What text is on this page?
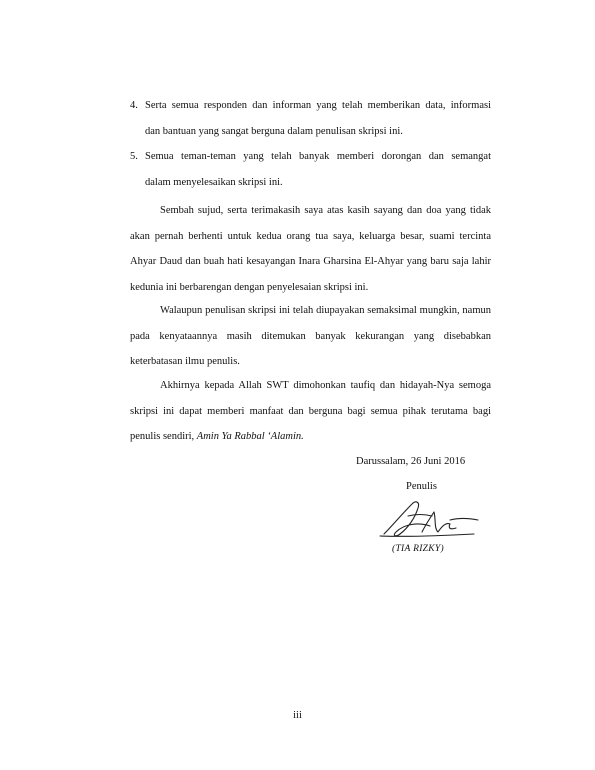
4. Serta semua responden dan informan yang telah memberikan data, informasi
dan bantuan yang sangat berguna dalam penulisan skripsi ini.
5. Semua teman-teman yang telah banyak memberi dorongan dan semangat
dalam menyelesaikan skripsi ini.
Sembah sujud, serta terimakasih saya atas kasih sayang dan doa yang tidak akan pernah berhenti untuk kedua orang tua saya, keluarga besar, suami tercinta Ahyar Daud dan buah hati kesayangan Inara Gharsina El-Ahyar yang baru saja lahir kedunia ini berbarengan dengan penyelesaian skripsi ini.
Walaupun penulisan skripsi ini telah diupayakan semaksimal mungkin, namun pada kenyataannya masih ditemukan banyak kekurangan yang disebabkan keterbatasan ilmu penulis.
Akhirnya kepada Allah SWT dimohonkan taufiq dan hidayah-Nya semoga skripsi ini dapat memberi manfaat dan berguna bagi semua pihak terutama bagi penulis sendiri, Amin Ya Rabbal ‘Alamin.
Darussalam, 26 Juni 2016
Penulis
(TIA RIZKY)
iii
